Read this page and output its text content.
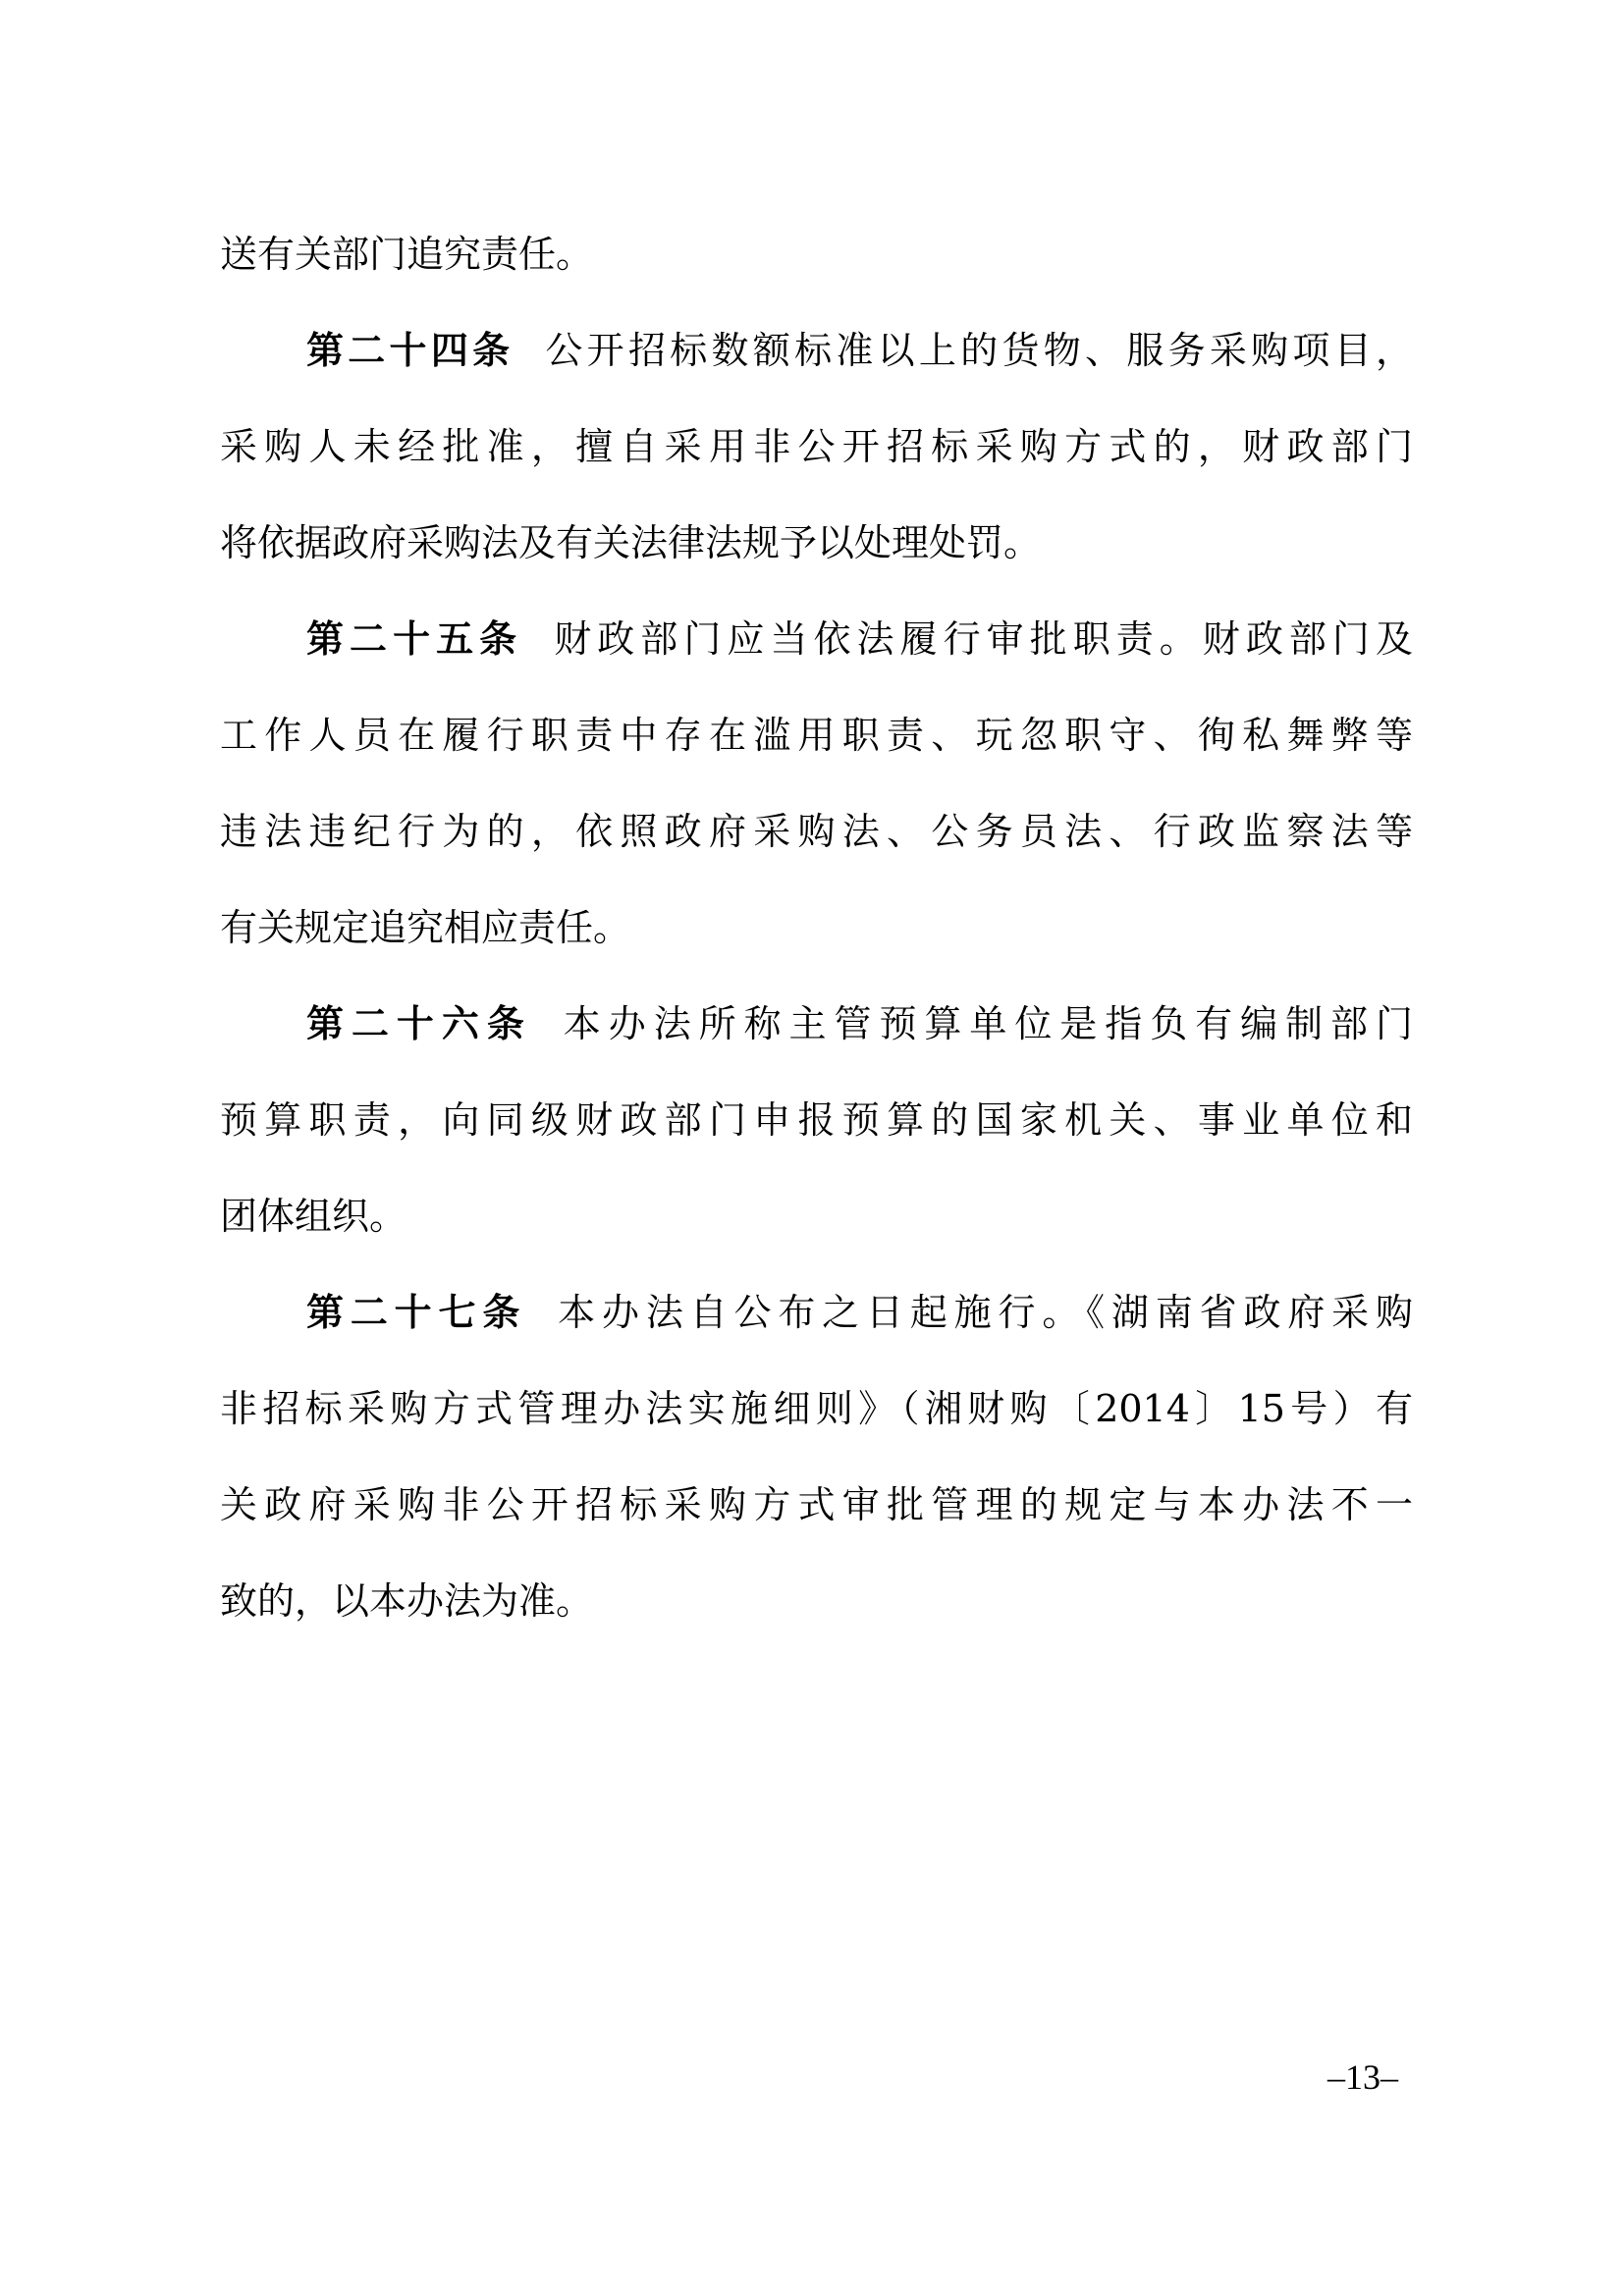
送有关部门追究责任。
第二十四条 公开招标数额标准以上的货物、服务采购项目，
采购人未经批准，擅自采用非公开招标采购方式的，财政部门
将依据政府采购法及有关法律法规予以处理处罚。
第二十五条 财政部门应当依法履行审批职责。财政部门及
工作人员在履行职责中存在滥用职责、玩忽职守、徇私舞弊等
违法违纪行为的，依照政府采购法、公务员法、行政监察法等
有关规定追究相应责任。
第二十六条 本办法所称主管预算单位是指负有编制部门
预算职责，向同级财政部门申报预算的国家机关、事业单位和
团体组织。
第二十七条 本办法自公布之日起施行。《湖南省政府采购
非招标采购方式管理办法实施细则》（湘财购〔2014〕15号）有
关政府采购非公开招标采购方式审批管理的规定与本办法不一
致的，以本办法为准。
–13–
